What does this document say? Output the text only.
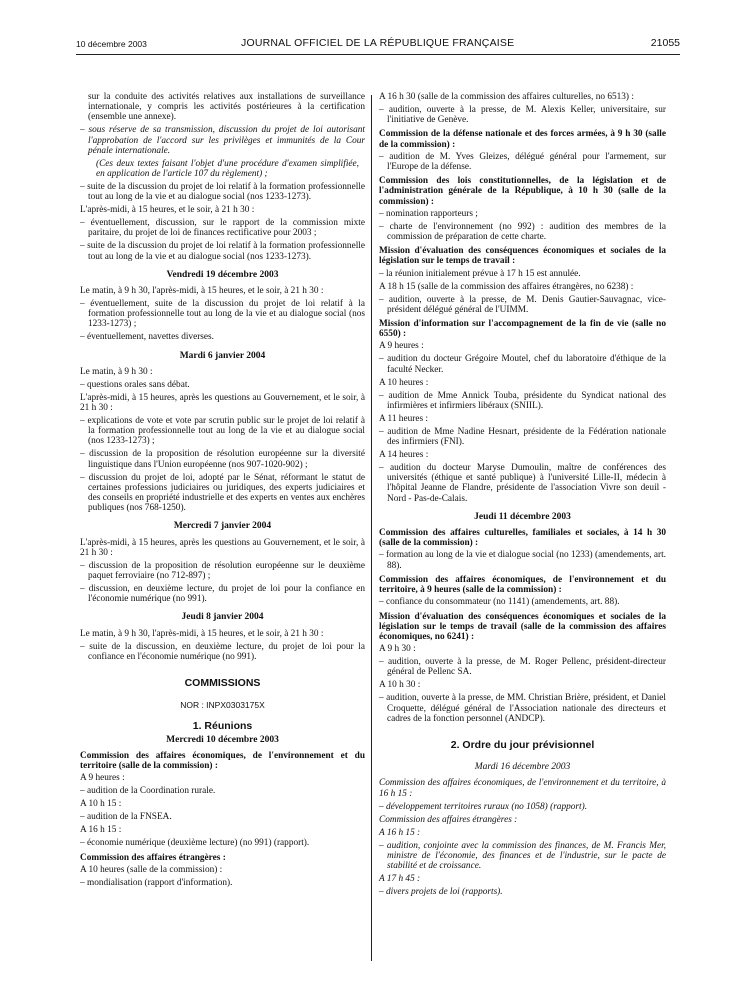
10 décembre 2003	JOURNAL OFFICIEL DE LA RÉPUBLIQUE FRANÇAISE	21055

sur la conduite des activités relatives aux installations de surveillance internationale, y compris les activités postérieures à la certification (ensemble une annexe).

– sous réserve de sa transmission, discussion du projet de loi autorisant l'approbation de l'accord sur les privilèges et immunités de la Cour pénale internationale.

(Ces deux textes faisant l'objet d'une procédure d'examen simplifiée, en application de l'article 107 du règlement) ;

– suite de la discussion du projet de loi relatif à la formation professionnelle tout au long de la vie et au dialogue social (nos 1233-1273).

L'après-midi, à 15 heures, et le soir, à 21 h 30 :

– éventuellement, discussion, sur le rapport de la commission mixte paritaire, du projet de loi de finances rectificative pour 2003 ;

– suite de la discussion du projet de loi relatif à la formation professionnelle tout au long de la vie et au dialogue social (nos 1233-1273).

Vendredi 19 décembre 2003

Le matin, à 9 h 30, l'après-midi, à 15 heures, et le soir, à 21 h 30 :

– éventuellement, suite de la discussion du projet de loi relatif à la formation professionnelle tout au long de la vie et au dialogue social (nos 1233-1273) ;

– éventuellement, navettes diverses.

Mardi 6 janvier 2004

Le matin, à 9 h 30 :

– questions orales sans débat.

L'après-midi, à 15 heures, après les questions au Gouvernement, et le soir, à 21 h 30 :

– explications de vote et vote par scrutin public sur le projet de loi relatif à la formation professionnelle tout au long de la vie et au dialogue social (nos 1233-1273) ;

– discussion de la proposition de résolution européenne sur la diversité linguistique dans l'Union européenne (nos 907-1020-902) ;

– discussion du projet de loi, adopté par le Sénat, réformant le statut de certaines professions judiciaires ou juridiques, des experts judiciaires et des conseils en propriété industrielle et des experts en ventes aux enchères publiques (nos 768-1250).

Mercredi 7 janvier 2004

L'après-midi, à 15 heures, après les questions au Gouvernement, et le soir, à 21 h 30 :

– discussion de la proposition de résolution européenne sur le deuxième paquet ferroviaire (no 712-897) ;

– discussion, en deuxième lecture, du projet de loi pour la confiance en l'économie numérique (no 991).

Jeudi 8 janvier 2004

Le matin, à 9 h 30, l'après-midi, à 15 heures, et le soir, à 21 h 30 :

– suite de la discussion, en deuxième lecture, du projet de loi pour la confiance en l'économie numérique (no 991).

COMMISSIONS
NOR : INPX0303175X
1. Réunions
Mercredi 10 décembre 2003

Commission des affaires économiques, de l'environnement et du territoire (salle de la commission) :

A 9 heures :

– audition de la Coordination rurale.

A 10 h 15 :

– audition de la FNSEA.

A 16 h 15 :

– économie numérique (deuxième lecture) (no 991) (rapport).

Commission des affaires étrangères :

A 10 heures (salle de la commission) :

– mondialisation (rapport d'information).

A 16 h 30 (salle de la commission des affaires culturelles, no 6513) :

– audition, ouverte à la presse, de M. Alexis Keller, universitaire, sur l'initiative de Genève.

Commission de la défense nationale et des forces armées, à 9 h 30 (salle de la commission) :

– audition de M. Yves Gleizes, délégué général pour l'armement, sur l'Europe de la défense.

Commission des lois constitutionnelles, de la législation et de l'administration générale de la République, à 10 h 30 (salle de la commission) :

– nomination rapporteurs ;

– charte de l'environnement (no 992) : audition des membres de la commission de préparation de cette charte.

Mission d'évaluation des conséquences économiques et sociales de la législation sur le temps de travail :

– la réunion initialement prévue à 17 h 15 est annulée.

A 18 h 15 (salle de la commission des affaires étrangères, no 6238) :

– audition, ouverte à la presse, de M. Denis Gautier-Sauvagnac, vice-président délégué général de l'UIMM.

Mission d'information sur l'accompagnement de la fin de vie (salle no 6550) :

A 9 heures :

– audition du docteur Grégoire Moutel, chef du laboratoire d'éthique de la faculté Necker.

A 10 heures :

– audition de Mme Annick Touba, présidente du Syndicat national des infirmières et infirmiers libéraux (SNIIL).

A 11 heures :

– audition de Mme Nadine Hesnart, présidente de la Fédération nationale des infirmiers (FNI).

A 14 heures :

– audition du docteur Maryse Dumoulin, maître de conférences des universités (éthique et santé publique) à l'université Lille-II, médecin à l'hôpital Jeanne de Flandre, présidente de l'association Vivre son deuil - Nord - Pas-de-Calais.

Jeudi 11 décembre 2003

Commission des affaires culturelles, familiales et sociales, à 14 h 30 (salle de la commission) :

– formation au long de la vie et dialogue social (no 1233) (amendements, art. 88).

Commission des affaires économiques, de l'environnement et du territoire, à 9 heures (salle de la commission) :

– confiance du consommateur (no 1141) (amendements, art. 88).

Mission d'évaluation des conséquences économiques et sociales de la législation sur le temps de travail (salle de la commission des affaires économiques, no 6241) :

A 9 h 30 :

– audition, ouverte à la presse, de M. Roger Pellenc, président-directeur général de Pellenc SA.

A 10 h 30 :

– audition, ouverte à la presse, de MM. Christian Brière, président, et Daniel Croquette, délégué général de l'Association nationale des directeurs et cadres de la fonction personnel (ANDCP).

2. Ordre du jour prévisionnel
Mardi 16 décembre 2003

Commission des affaires économiques, de l'environnement et du territoire, à 16 h 15 :

– développement territoires ruraux (no 1058) (rapport).

Commission des affaires étrangères :

A 16 h 15 :

– audition, conjointe avec la commission des finances, de M. Francis Mer, ministre de l'économie, des finances et de l'industrie, sur le pacte de stabilité et de croissance.

A 17 h 45 :

– divers projets de loi (rapports).
